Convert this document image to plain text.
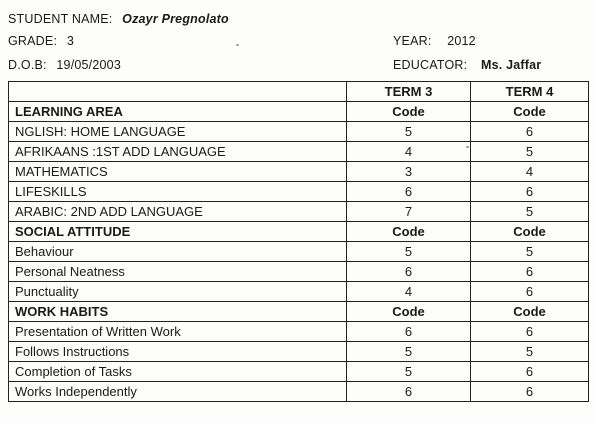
STUDENT NAME: Ozayr Pregnolato
GRADE: 3
D.O.B: 19/05/2003
YEAR: 2012
EDUCATOR: Ms. Jaffar
	TERM 3	TERM 4
LEARNING AREA	Code	Code
NGLISH: HOME LANGUAGE	5	6
AFRIKAANS :1ST ADD LANGUAGE	4	5
MATHEMATICS	3	4
LIFESKILLS	6	6
ARABIC: 2ND ADD LANGUAGE	7	5
SOCIAL ATTITUDE	Code	Code
Behaviour	5	5
Personal Neatness	6	6
Punctuality	4	6
WORK HABITS	Code	Code
Presentation of Written Work	6	6
Follows Instructions	5	5
Completion of Tasks	5	6
Works Independently	6	6
